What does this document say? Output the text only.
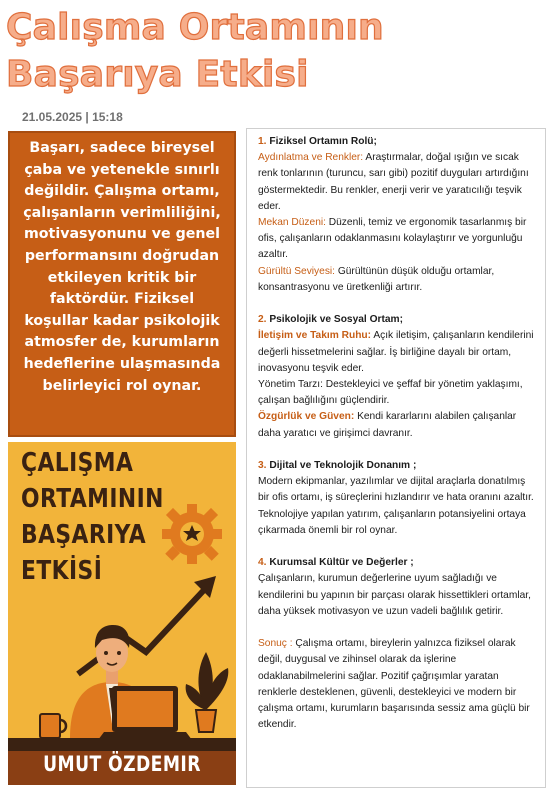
Çalışma Ortamının Başarıya Etkisi
21.05.2025 | 15:18
Başarı, sadece bireysel çaba ve yetenekle sınırlı değildir. Çalışma ortamı, çalışanların verimliliğini, motivasyonunu ve genel performansını doğrudan etkileyen kritik bir faktördür. Fiziksel koşullar kadar psikolojik atmosfer de, kurumların hedeflerine ulaşmasında belirleyici rol oynar.
ÇALIŞMA
ORTAMININ
BAŞARIYA
ETKİSİ
UMUT ÖZDEMIR
1. Fiziksel Ortamın Rolü;
Aydınlatma ve Renkler: Araştırmalar, doğal ışığın ve sıcak renk tonlarının (turuncu, sarı gibi) pozitif duyguları artırdığını göstermektedir. Bu renkler, enerji verir ve yaratıcılığı teşvik eder.
Mekan Düzeni: Düzenli, temiz ve ergonomik tasarlanmış bir ofis, çalışanların odaklanmasını kolaylaştırır ve yorgunluğu azaltır.
Gürültü Seviyesi: Gürültünün düşük olduğu ortamlar, konsantrasyonu ve üretkenliği artırır.
2. Psikolojik ve Sosyal Ortam;
İletişim ve Takım Ruhu: Açık iletişim, çalışanların kendilerini değerli hissetmelerini sağlar. İş birliğine dayalı bir ortam, inovasyonu teşvik eder.
Yönetim Tarzı: Destekleyici ve şeffaf bir yönetim yaklaşımı, çalışan bağlılığını güçlendirir.
Özgürlük ve Güven: Kendi kararlarını alabilen çalışanlar daha yaratıcı ve girişimci davranır.
3. Dijital ve Teknolojik Donanım ;
Modern ekipmanlar, yazılımlar ve dijital araçlarla donatılmış bir ofis ortamı, iş süreçlerini hızlandırır ve hata oranını azaltır. Teknolojiye yapılan yatırım, çalışanların potansiyelini ortaya çıkarmada önemli bir rol oynar.
4. Kurumsal Kültür ve Değerler ;
Çalışanların, kurumun değerlerine uyum sağladığı ve kendilerini bu yapının bir parçası olarak hissettikleri ortamlar, daha yüksek motivasyon ve uzun vadeli bağlılık getirir.
Sonuç : Çalışma ortamı, bireylerin yalnızca fiziksel olarak değil, duygusal ve zihinsel olarak da işlerine odaklanabilmelerini sağlar. Pozitif çağrışımlar yaratan renklerle desteklenen, güvenli, destekleyici ve modern bir çalışma ortamı, kurumların başarısında sessiz ama güçlü bir etkendir.
